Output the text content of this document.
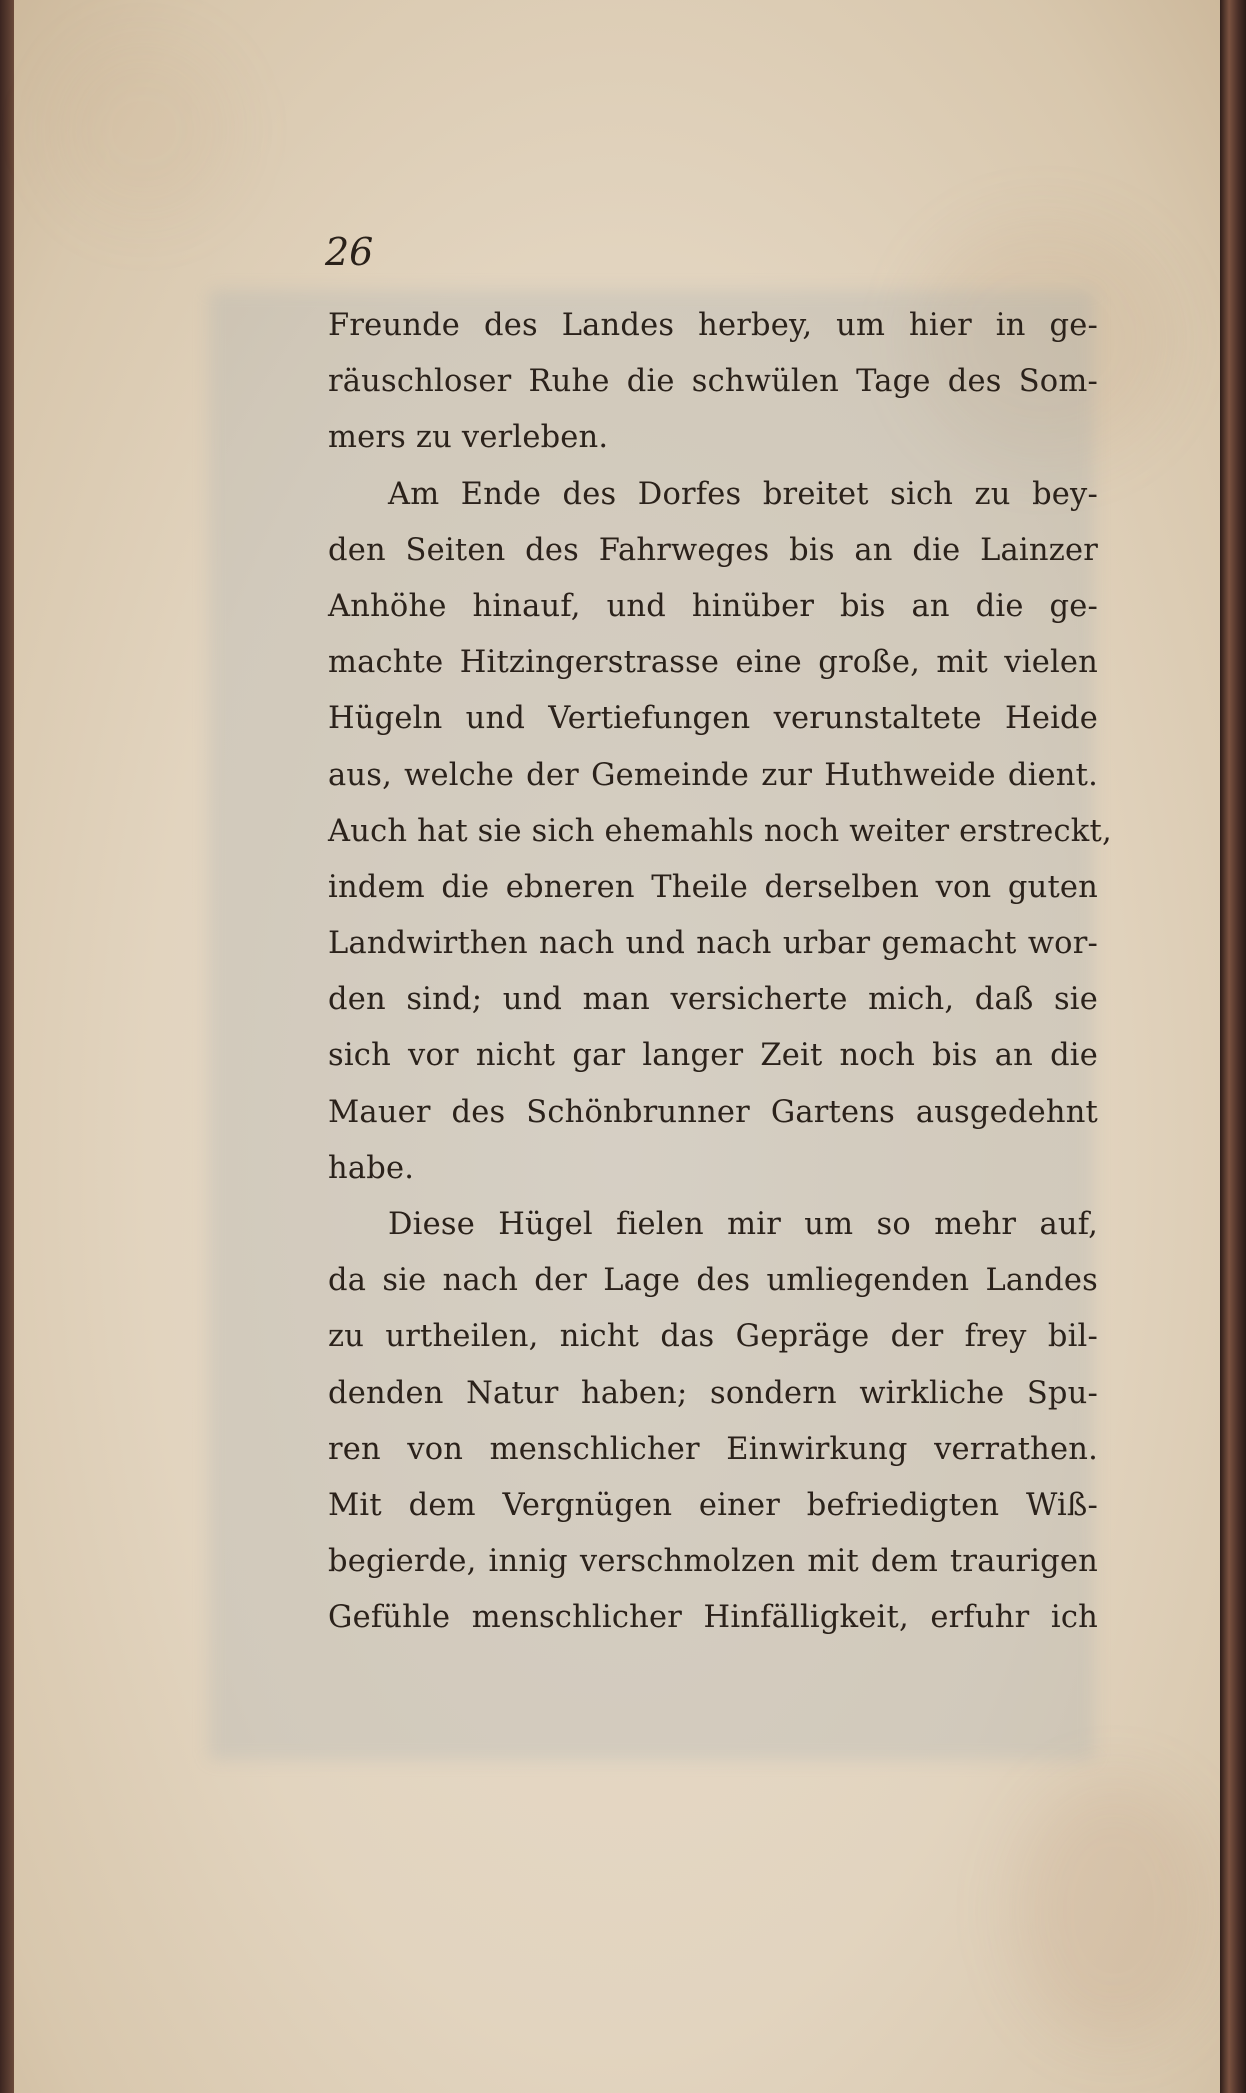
26
Freunde des Landes herbey, um hier in ge-
räuschloser Ruhe die schwülen Tage des Som-
mers zu verleben.
Am Ende des Dorfes breitet sich zu bey-
den Seiten des Fahrweges bis an die Lainzer
Anhöhe hinauf, und hinüber bis an die ge-
machte Hitzingerstrasse eine große, mit vielen
Hügeln und Vertiefungen verunstaltete Heide
aus, welche der Gemeinde zur Huthweide dient.
Auch hat sie sich ehemahls noch weiter erstreckt,
indem die ebneren Theile derselben von guten
Landwirthen nach und nach urbar gemacht wor-
den sind; und man versicherte mich, daß sie
sich vor nicht gar langer Zeit noch bis an die
Mauer des Schönbrunner Gartens ausgedehnt
habe.
Diese Hügel fielen mir um so mehr auf,
da sie nach der Lage des umliegenden Landes
zu urtheilen, nicht das Gepräge der frey bil-
denden Natur haben; sondern wirkliche Spu-
ren von menschlicher Einwirkung verrathen.
Mit dem Vergnügen einer befriedigten Wiß-
begierde, innig verschmolzen mit dem traurigen
Gefühle menschlicher Hinfälligkeit, erfuhr ich
